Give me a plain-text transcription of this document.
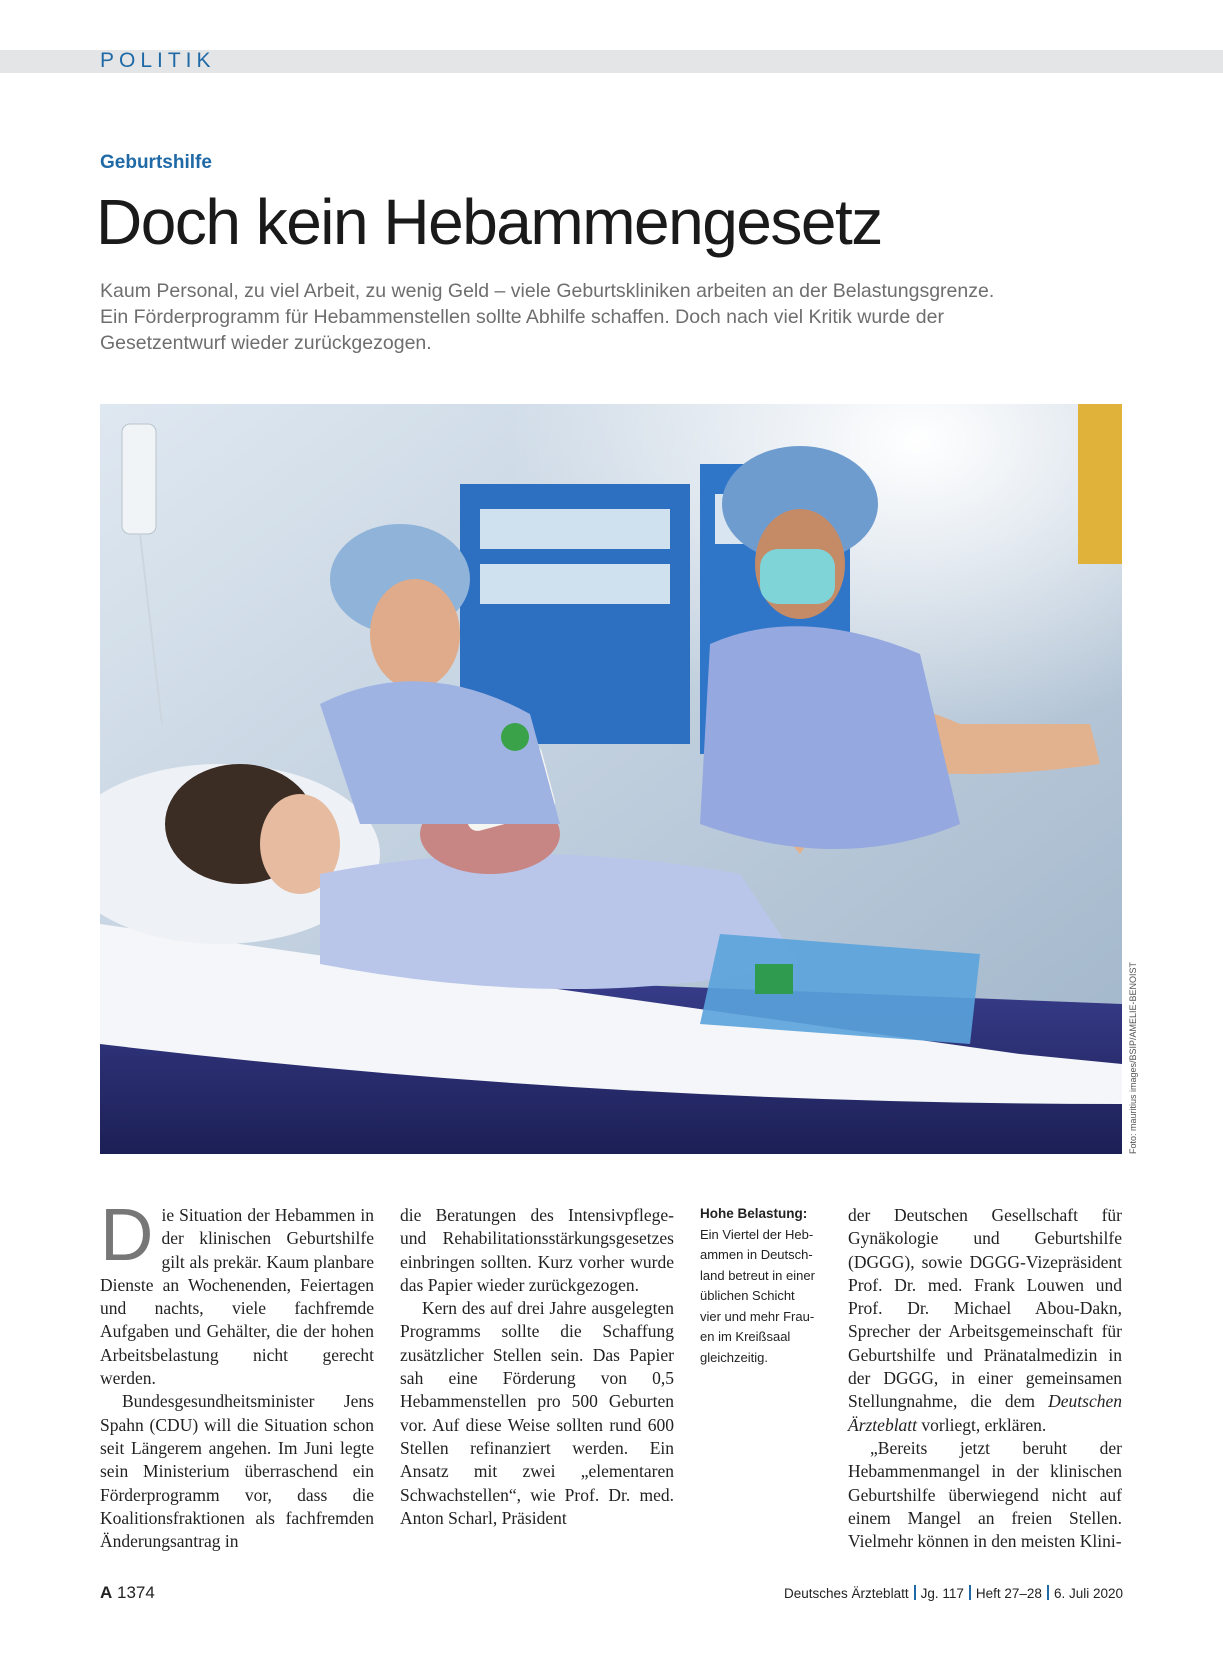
POLITIK
Geburtshilfe
Doch kein Hebammengesetz
Kaum Personal, zu viel Arbeit, zu wenig Geld – viele Geburtskliniken arbeiten an der Belastungsgrenze.
Ein Förderprogramm für Hebammenstellen sollte Abhilfe schaffen. Doch nach viel Kritik wurde der
Gesetzentwurf wieder zurückgezogen.
Foto: mauritius images/BSIP/AMELIE-BENOIST

D ie Situation der Hebammen in der klinischen Geburtshilfe gilt als prekär. Kaum planbare Dienste an Wochenenden, Feiertagen und nachts, viele fachfremde Aufgaben und Gehälter, die der hohen Arbeitsbelastung nicht gerecht werden.

Bundesgesundheitsminister Jens Spahn (CDU) will die Situation schon seit Längerem angehen. Im Juni legte sein Ministerium überraschend ein Förderprogramm vor, dass die Koalitionsfraktionen als fachfremden Änderungsantrag in

die Beratungen des Intensivpflege- und Rehabilitationsstärkungsgesetzes einbringen sollten. Kurz vorher wurde das Papier wieder zurückgezogen.

Kern des auf drei Jahre ausgelegten Programms sollte die Schaffung zusätzlicher Stellen sein. Das Papier sah eine Förderung von 0,5 Hebammenstellen pro 500 Geburten vor. Auf diese Weise sollten rund 600 Stellen refinanziert werden. Ein Ansatz mit zwei „elementaren Schwachstellen“, wie Prof. Dr. med. Anton Scharl, Präsident

Hohe Belastung:
Ein Viertel der Heb-
ammen in Deutsch-
land betreut in einer
üblichen Schicht
vier und mehr Frau-
en im Kreißsaal
gleichzeitig.

der Deutschen Gesellschaft für Gynäkologie und Geburtshilfe (DGGG), sowie DGGG-Vizepräsident Prof. Dr. med. Frank Louwen und Prof. Dr. Michael Abou-Dakn, Sprecher der Arbeitsgemeinschaft für Geburtshilfe und Pränatalmedizin in der DGGG, in einer gemeinsamen Stellungnahme, die dem Deutschen Ärzteblatt vorliegt, erklären.

„Bereits jetzt beruht der Hebammenmangel in der klinischen Geburtshilfe überwiegend nicht auf einem Mangel an freien Stellen. Vielmehr können in den meisten Klini-

A 1374	Deutsches Ärzteblatt Jg. 117 Heft 27–28 6. Juli 2020
